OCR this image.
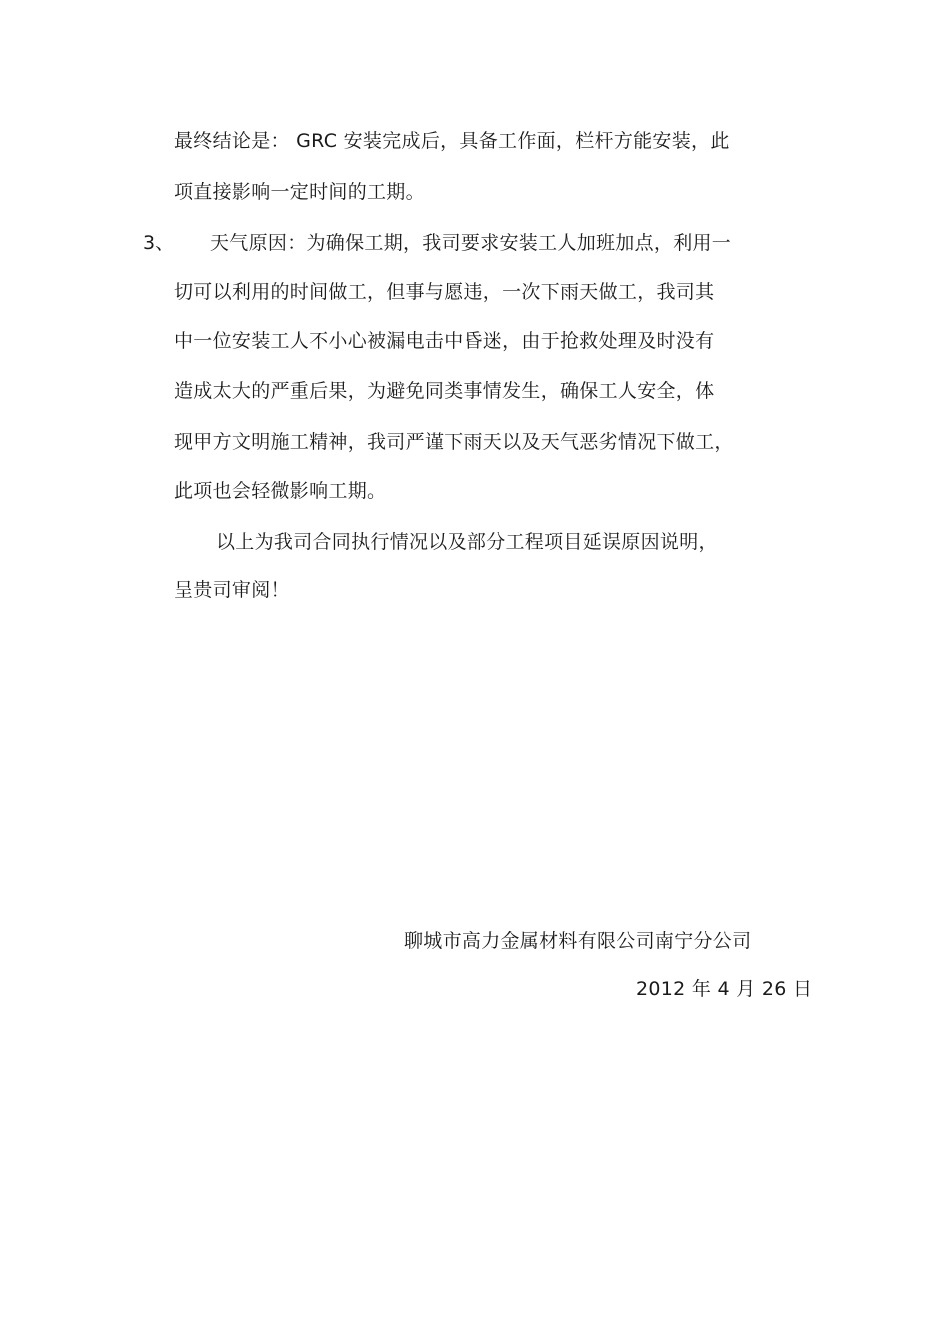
最终结论是： GRC 安装完成后，具备工作面，栏杆方能安装，此
项直接影响一定时间的工期。
3、 天气原因：为确保工期，我司要求安装工人加班加点，利用一
切可以利用的时间做工，但事与愿违，一次下雨天做工，我司其
中一位安装工人不小心被漏电击中昏迷，由于抢救处理及时没有
造成太大的严重后果，为避免同类事情发生，确保工人安全，体
现甲方文明施工精神，我司严谨下雨天以及天气恶劣情况下做工，
此项也会轻微影响工期。
以上为我司合同执行情况以及部分工程项目延误原因说明，
呈贵司审阅！
聊城市高力金属材料有限公司南宁分公司
2012 年 4 月 26 日
